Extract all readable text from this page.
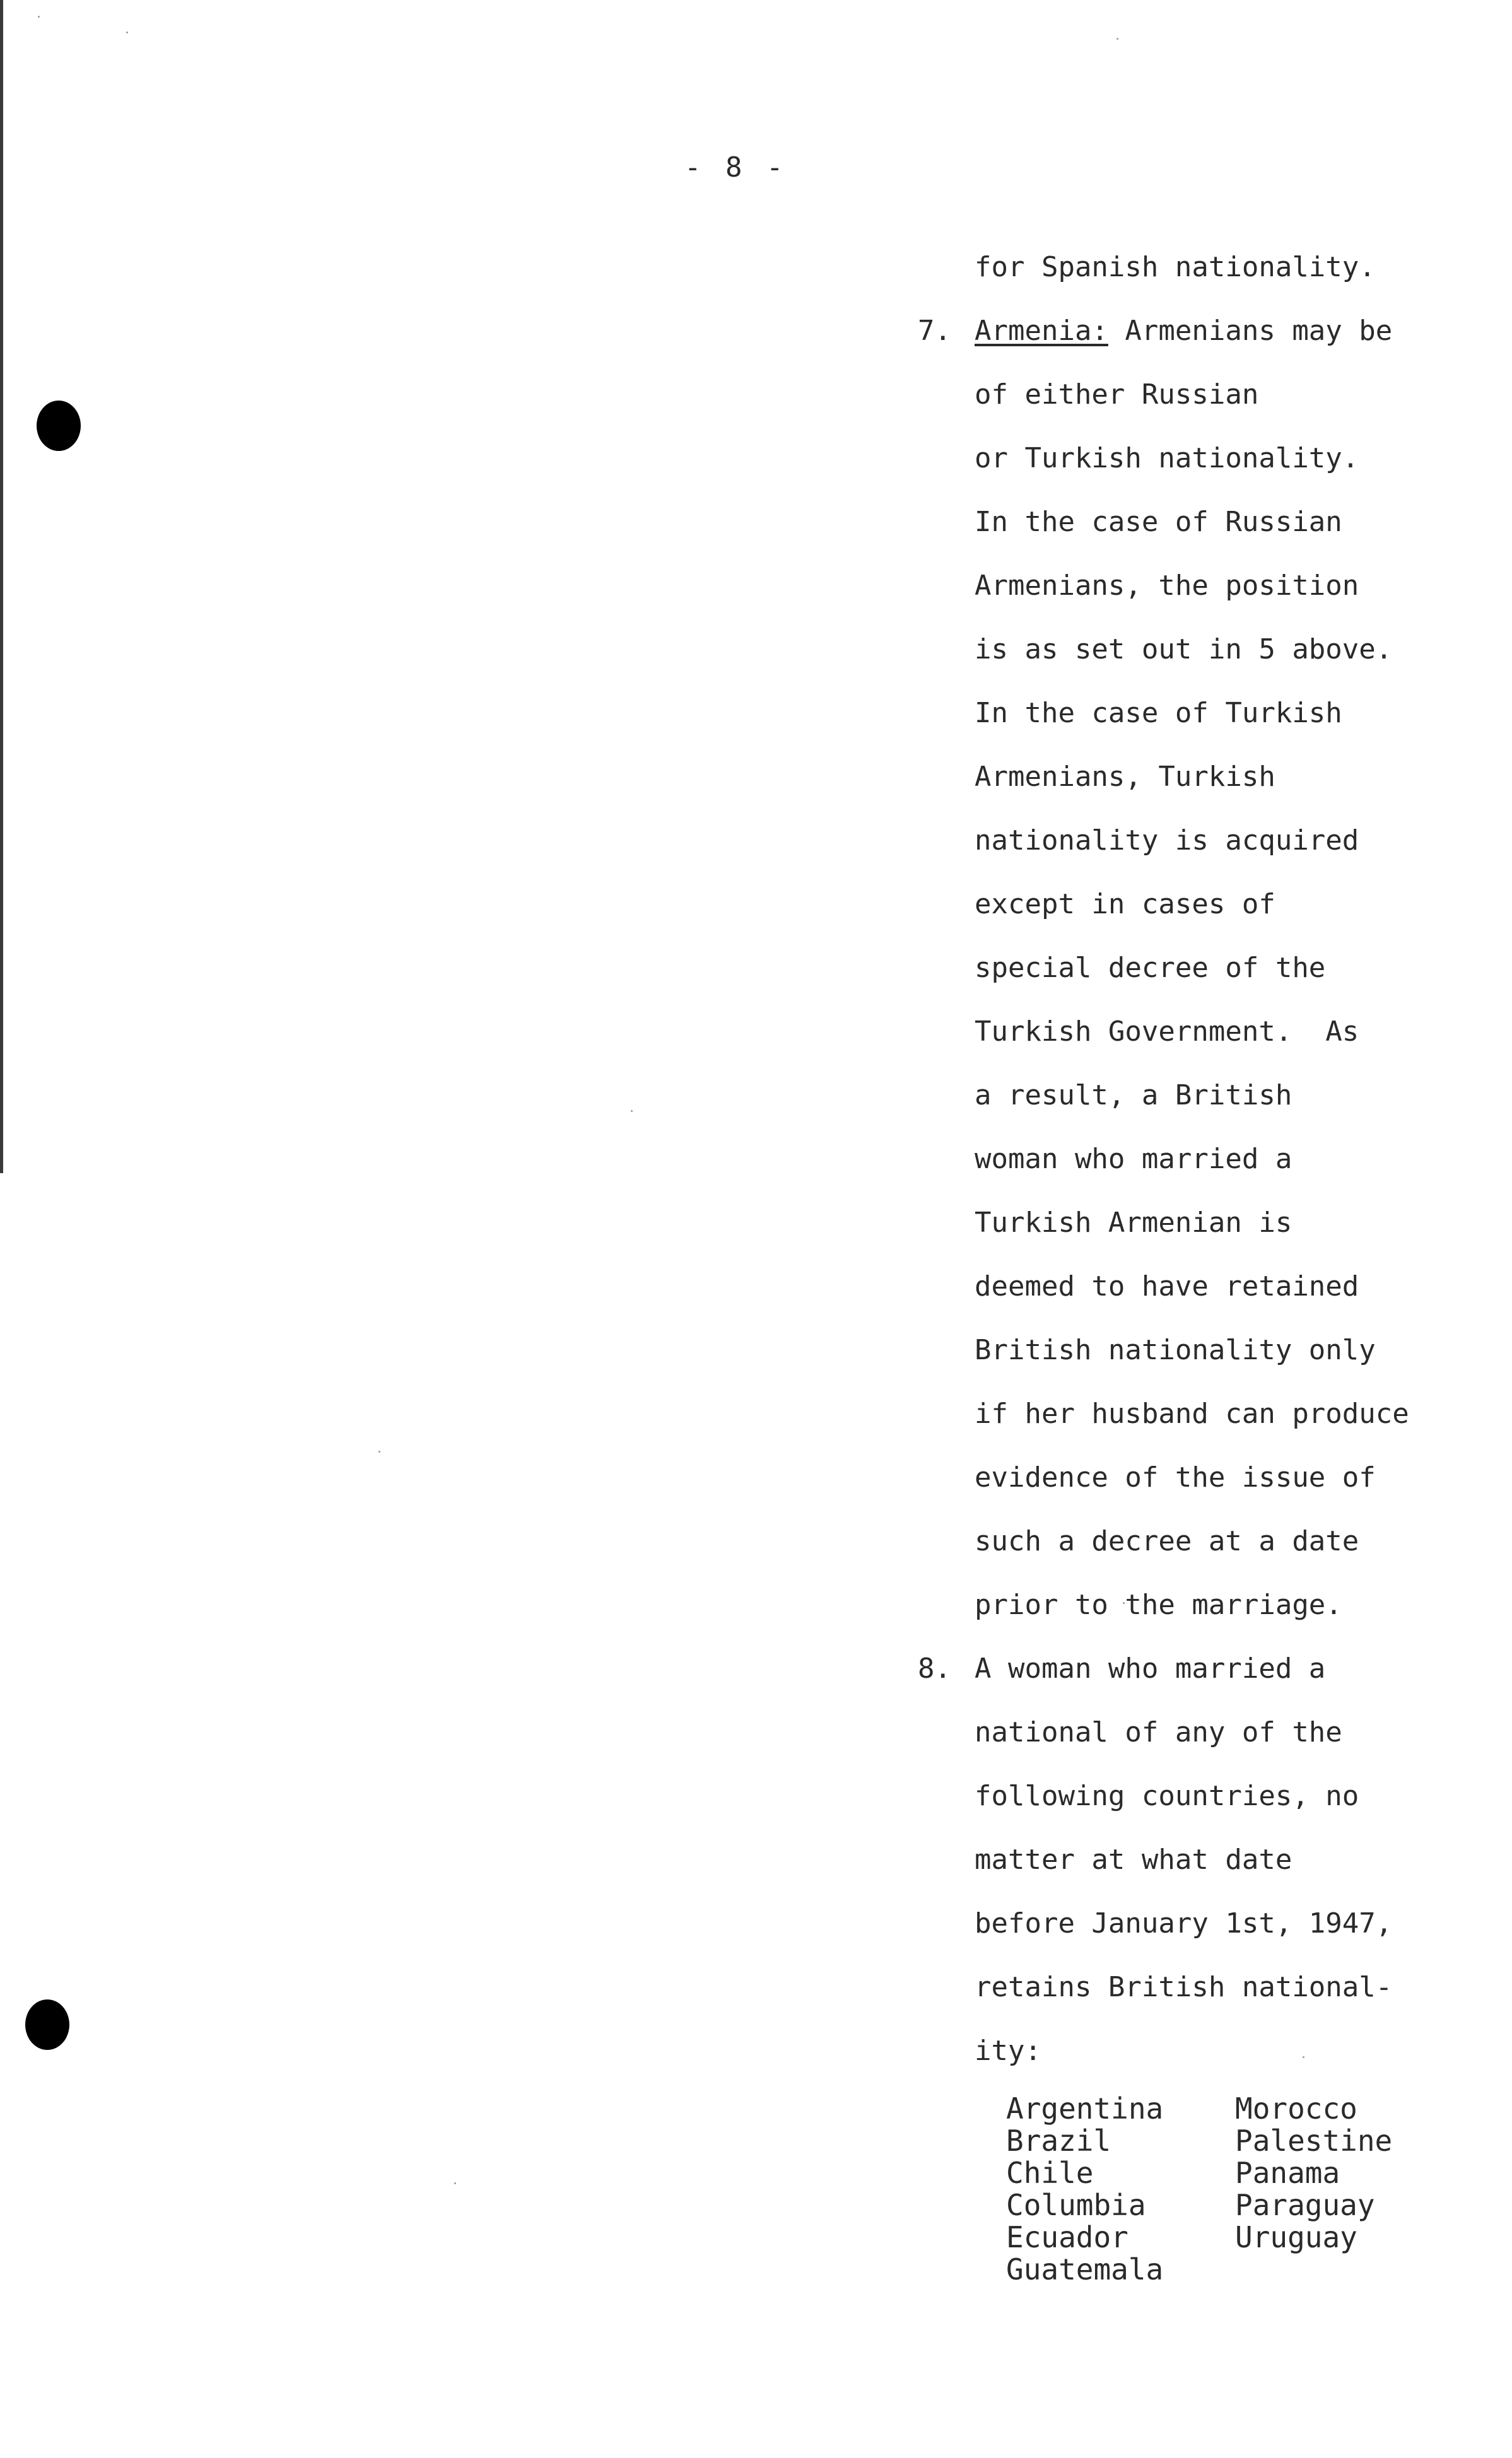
- 8 -
for Spanish nationality.
7. Armenia: Armenians may be
of either Russian
or Turkish nationality.
In the case of Russian
Armenians, the position
is as set out in 5 above.
In the case of Turkish
Armenians, Turkish
nationality is acquired
except in cases of
special decree of the
Turkish Government.  As
a result, a British
woman who married a
Turkish Armenian is
deemed to have retained
British nationality only
if her husband can produce
evidence of the issue of
such a decree at a date
prior to the marriage.
8. A woman who married a
national of any of the
following countries, no
matter at what date
before January 1st, 1947,
retains British national-
ity:
Argentina
Brazil
Chile
Columbia
Ecuador
Guatemala
Morocco
Palestine
Panama
Paraguay
Uruguay
